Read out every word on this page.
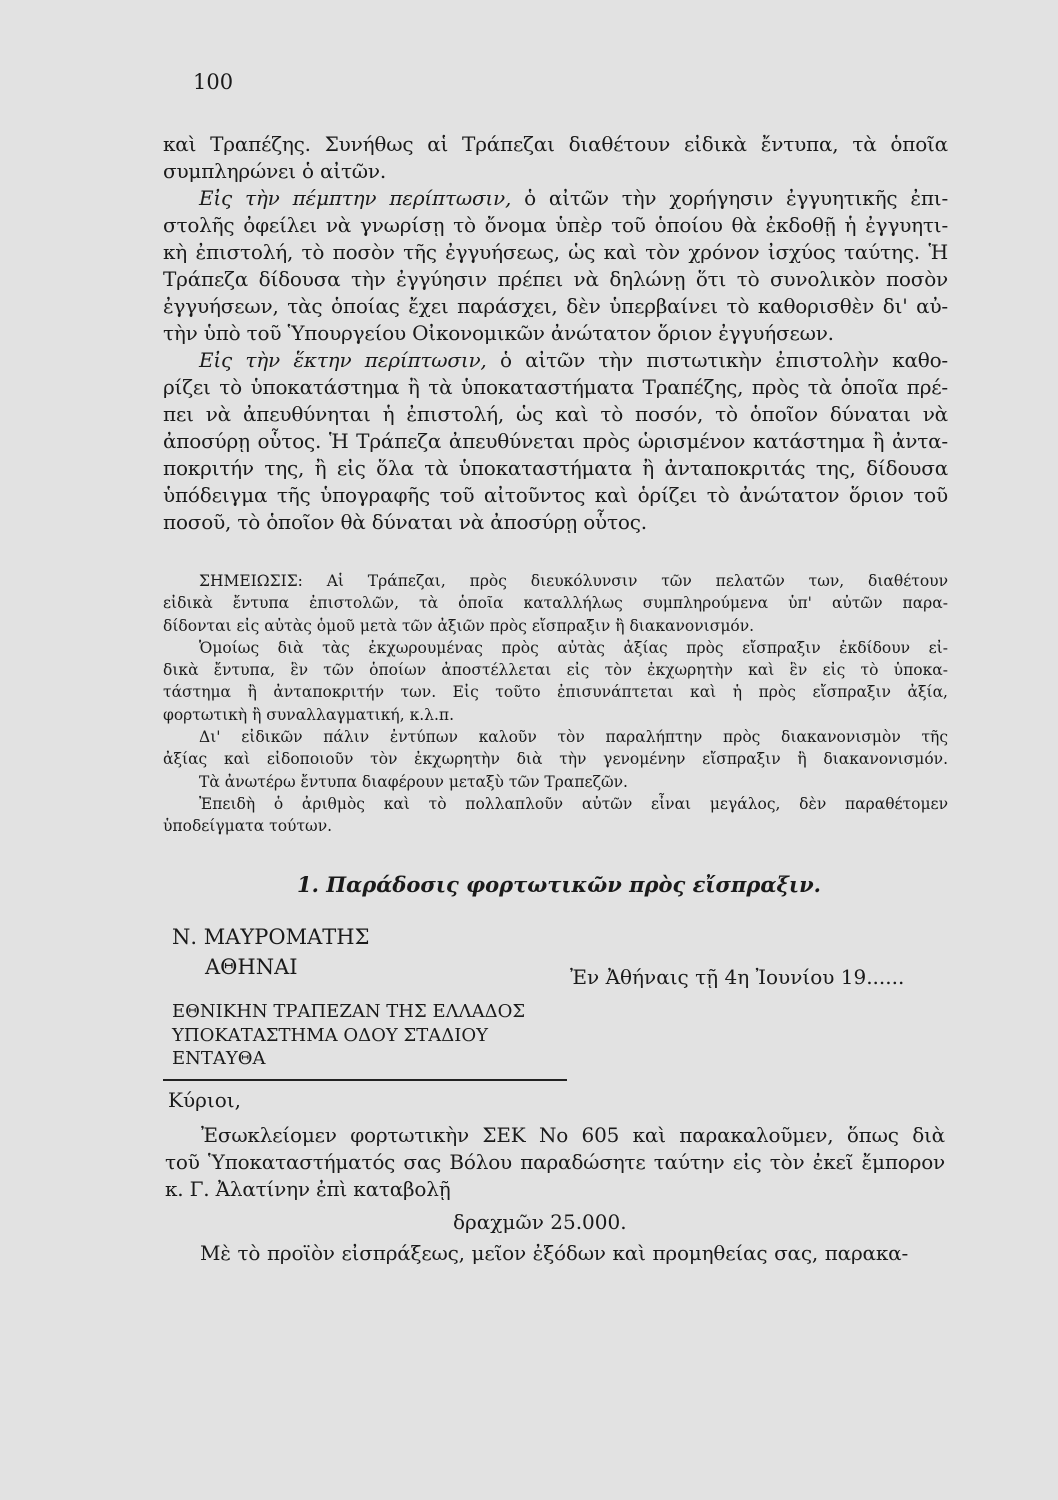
100
καὶ Τραπέζης. Συνήθως αἱ Τράπεζαι διαθέτουν εἰδικὰ ἔντυπα, τὰ ὁποῖα
συμπληρώνει ὁ αἰτῶν.
Εἰς τὴν πέμπτην περίπτωσιν, ὁ αἰτῶν τὴν χορήγησιν ἐγγυητικῆς ἐπι-
στολῆς ὀφείλει νὰ γνωρίσῃ τὸ ὄνομα ὑπὲρ τοῦ ὁποίου θὰ ἐκδοθῇ ἡ ἐγγυητι-
κὴ ἐπιστολή, τὸ ποσὸν τῆς ἐγγυήσεως, ὡς καὶ τὸν χρόνον ἰσχύος ταύτης. Ἡ
Τράπεζα δίδουσα τὴν ἐγγύησιν πρέπει νὰ δηλώνῃ ὅτι τὸ συνολικὸν ποσὸν
ἐγγυήσεων, τὰς ὁποίας ἔχει παράσχει, δὲν ὑπερβαίνει τὸ καθορισθὲν δι' αὐ-
τὴν ὑπὸ τοῦ Ὑπουργείου Οἰκονομικῶν ἀνώτατον ὅριον ἐγγυήσεων.
Εἰς τὴν ἕκτην περίπτωσιν, ὁ αἰτῶν τὴν πιστωτικὴν ἐπιστολὴν καθο-
ρίζει τὸ ὑποκατάστημα ἢ τὰ ὑποκαταστήματα Τραπέζης, πρὸς τὰ ὁποῖα πρέ-
πει νὰ ἀπευθύνηται ἡ ἐπιστολή, ὡς καὶ τὸ ποσόν, τὸ ὁποῖον δύναται νὰ
ἀποσύρῃ οὗτος. Ἡ Τράπεζα ἀπευθύνεται πρὸς ὡρισμένον κατάστημα ἢ ἀντα-
ποκριτήν της, ἢ εἰς ὅλα τὰ ὑποκαταστήματα ἢ ἀνταποκριτάς της, δίδουσα
ὑπόδειγμα τῆς ὑπογραφῆς τοῦ αἰτοῦντος καὶ ὁρίζει τὸ ἀνώτατον ὅριον τοῦ
ποσοῦ, τὸ ὁποῖον θὰ δύναται νὰ ἀποσύρῃ οὗτος.
ΣΗΜΕΙΩΣΙΣ: Αἱ Τράπεζαι, πρὸς διευκόλυνσιν τῶν πελατῶν των, διαθέτουν
εἰδικὰ ἔντυπα ἐπιστολῶν, τὰ ὁποῖα καταλλήλως συμπληρούμενα ὑπ' αὐτῶν παρα-
δίδονται εἰς αὐτὰς ὁμοῦ μετὰ τῶν ἀξιῶν πρὸς εἴσπραξιν ἢ διακανονισμόν.
Ὁμοίως διὰ τὰς ἐκχωρουμένας πρὸς αὐτὰς ἀξίας πρὸς εἴσπραξιν ἐκδίδουν εἰ-
δικὰ ἔντυπα, ἓν τῶν ὁποίων ἀποστέλλεται εἰς τὸν ἐκχωρητὴν καὶ ἓν εἰς τὸ ὑποκα-
τάστημα ἢ ἀνταποκριτήν των. Εἰς τοῦτο ἐπισυνάπτεται καὶ ἡ πρὸς εἴσπραξιν ἀξία,
φορτωτικὴ ἢ συναλλαγματική, κ.λ.π.
Δι' εἰδικῶν πάλιν ἐντύπων καλοῦν τὸν παραλήπτην πρὸς διακανονισμὸν τῆς
ἀξίας καὶ εἰδοποιοῦν τὸν ἐκχωρητὴν διὰ τὴν γενομένην εἴσπραξιν ἢ διακανονισμόν.
Τὰ ἀνωτέρω ἔντυπα διαφέρουν μεταξὺ τῶν Τραπεζῶν.
Ἐπειδὴ ὁ ἀριθμὸς καὶ τὸ πολλαπλοῦν αὐτῶν εἶναι μεγάλος, δὲν παραθέτομεν
ὑποδείγματα τούτων.
1. Παράδοσις φορτωτικῶν πρὸς εἴσπραξιν.
Ν. ΜΑΥΡΟΜΑΤΗΣ
ΑΘΗΝΑΙ	Ἐν Ἀθήναις τῇ 4η Ἰουνίου 19......
ΕΘΝΙΚΗΝ ΤΡΑΠΕΖΑΝ ΤΗΣ ΕΛΛΑΔΟΣ
ΥΠΟΚΑΤΑΣΤΗΜΑ ΟΔΟΥ ΣΤΑΔΙΟΥ
ΕΝΤΑΥΘΑ
Κύριοι,
Ἐσωκλείομεν φορτωτικὴν ΣΕΚ Νο 605 καὶ παρακαλοῦμεν, ὅπως διὰ
τοῦ Ὑποκαταστήματός σας Βόλου παραδώσητε ταύτην εἰς τὸν ἐκεῖ ἔμπορον
κ. Γ. Ἀλατίνην ἐπὶ καταβολῇ
δραχμῶν 25.000.
Μὲ τὸ προϊὸν εἰσπράξεως, μεῖον ἐξόδων καὶ προμηθείας σας, παρακα-
